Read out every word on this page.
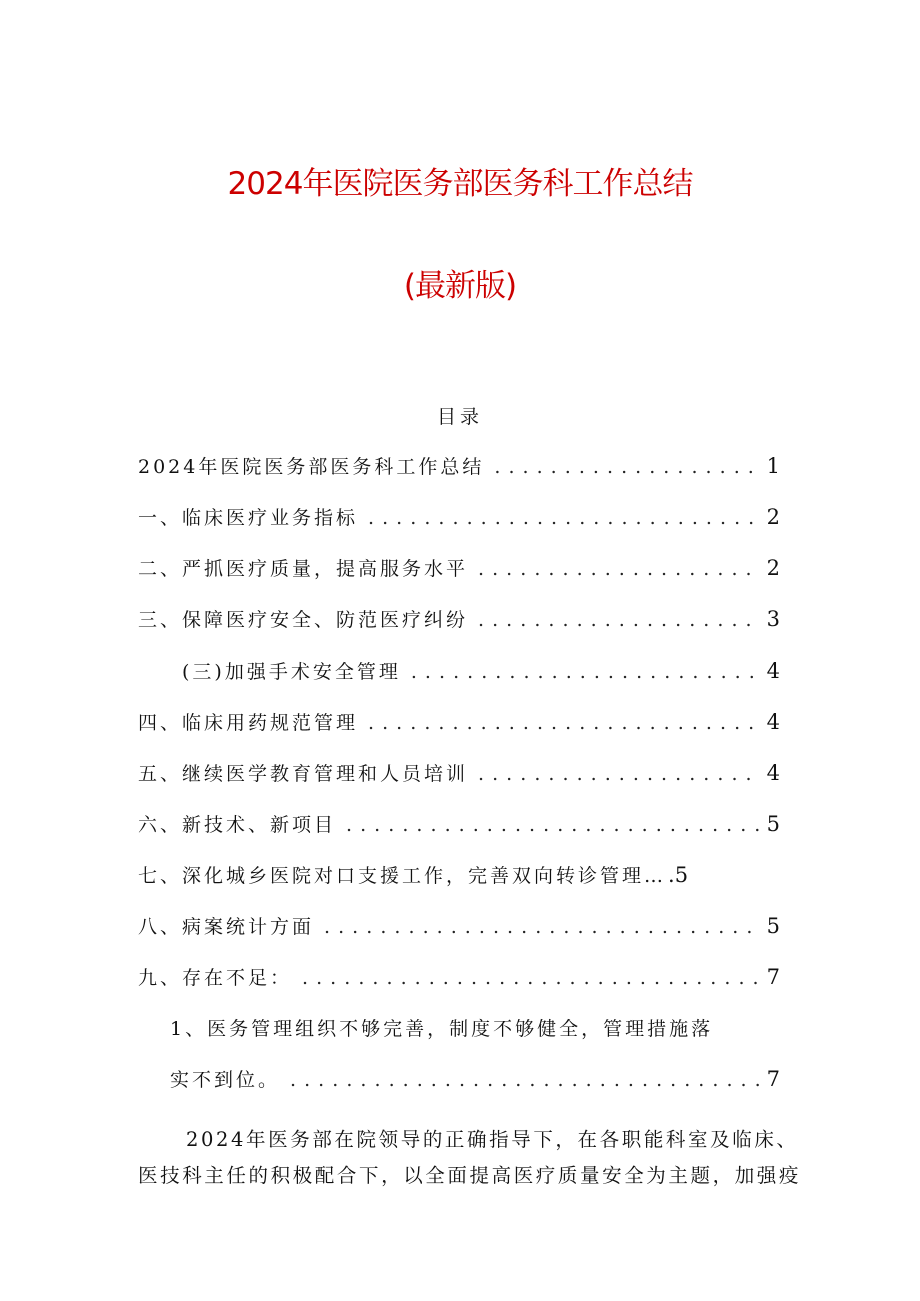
2024年医院医务部医务科工作总结
(最新版)
目录
2024年医院医务部医务科工作总结 . . .	1
一、临床医疗业务指标 . . .	2
二、严抓医疗质量，提高服务水平 . . .	2
三、保障医疗安全、防范医疗纠纷 . . .	3
(三)加强手术安全管理 . . .	4
四、临床用药规范管理 . . .	4
五、继续医学教育管理和人员培训 . . .	4
六、新技术、新项目 . . .	5
七、深化城乡医院对口支援工作，完善双向转诊管理… .5
八、病案统计方面 . . .	5
九、存在不足： . . .	7
1、医务管理组织不够完善，制度不够健全，管理措施落
实不到位。 . . .	7
2024年医务部在院领导的正确指导下，在各职能科室及临床、
医技科主任的积极配合下，以全面提高医疗质量安全为主题，加强疫
